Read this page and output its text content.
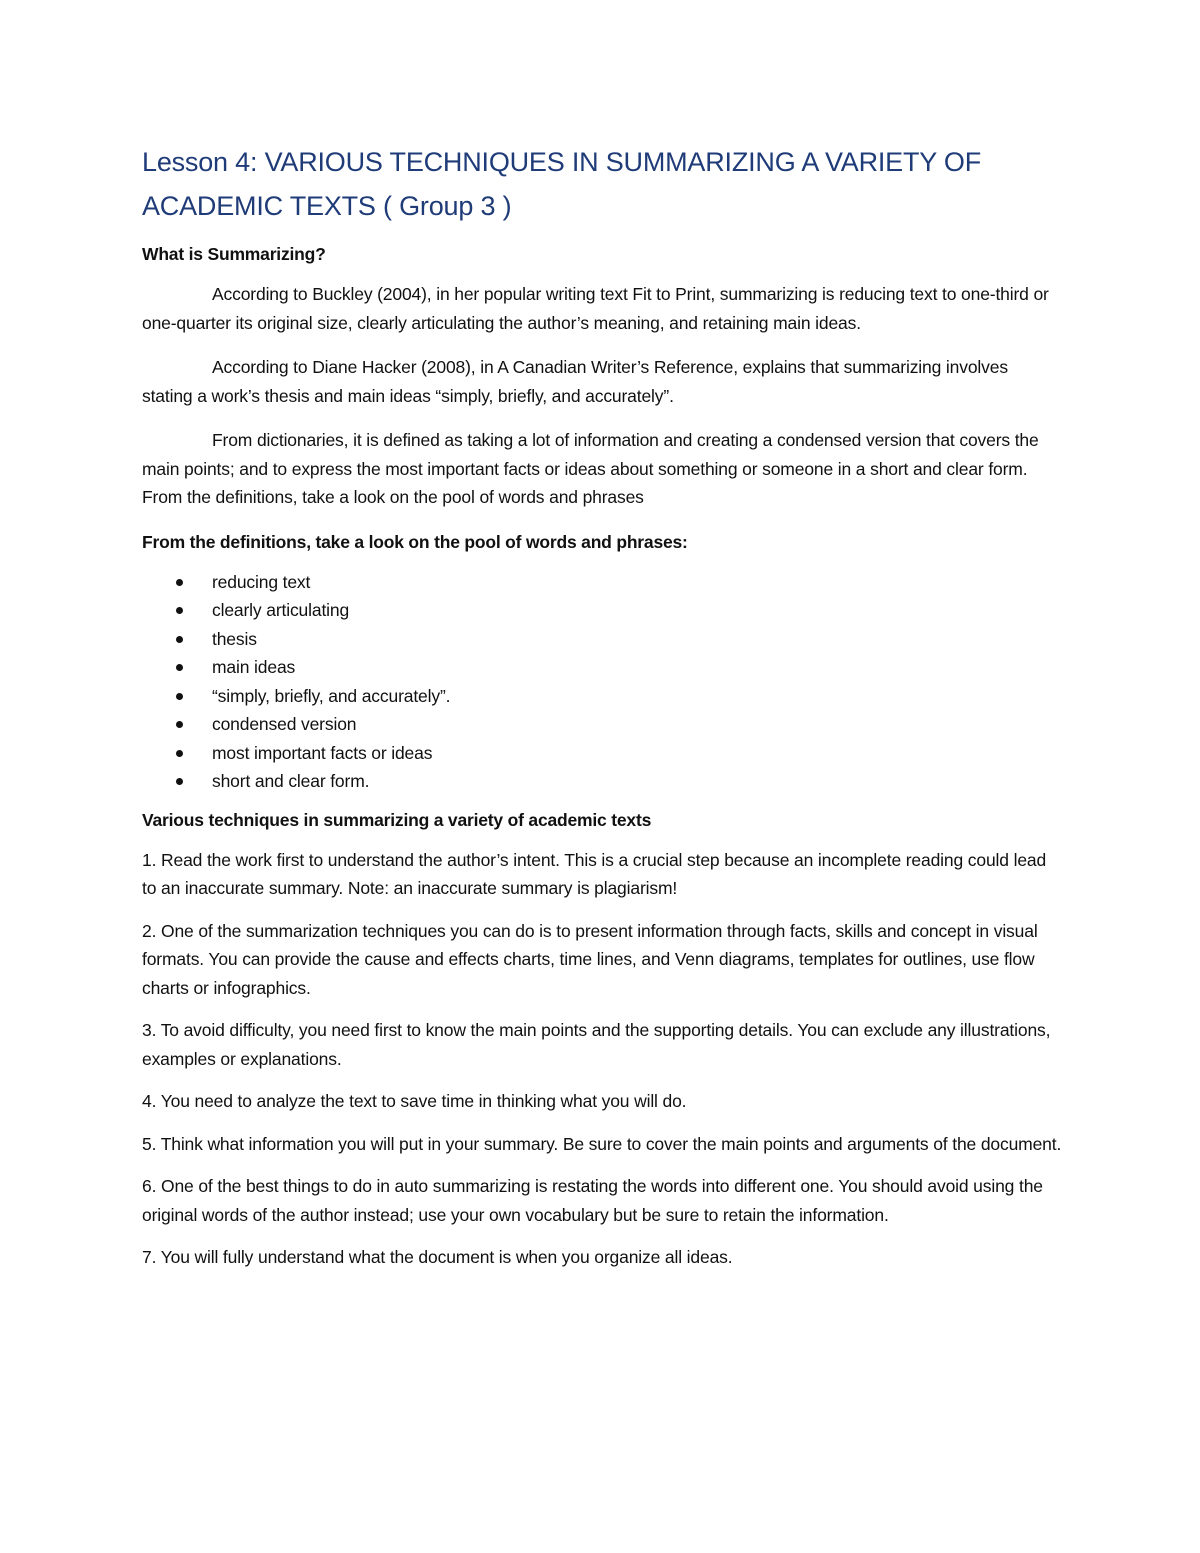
Lesson 4: VARIOUS TECHNIQUES IN SUMMARIZING A VARIETY OF ACADEMIC TEXTS ( Group 3 )
What is Summarizing?

According to Buckley (2004), in her popular writing text Fit to Print, summarizing is reducing text to one-third or one-quarter its original size, clearly articulating the author’s meaning, and retaining main ideas.

According to Diane Hacker (2008), in A Canadian Writer’s Reference, explains that summarizing involves stating a work’s thesis and main ideas “simply, briefly, and accurately”.

From dictionaries, it is defined as taking a lot of information and creating a condensed version that covers the main points; and to express the most important facts or ideas about something or someone in a short and clear form. From the definitions, take a look on the pool of words and phrases

From the definitions, take a look on the pool of words and phrases:
reducing text
clearly articulating
thesis
main ideas
“simply, briefly, and accurately”.
condensed version
most important facts or ideas
short and clear form.
Various techniques in summarizing a variety of academic texts

1. Read the work first to understand the author’s intent. This is a crucial step because an incomplete reading could lead to an inaccurate summary. Note: an inaccurate summary is plagiarism!

2. One of the summarization techniques you can do is to present information through facts, skills and concept in visual formats. You can provide the cause and effects charts, time lines, and Venn diagrams, templates for outlines, use flow charts or infographics.

3. To avoid difficulty, you need first to know the main points and the supporting details. You can exclude any illustrations, examples or explanations.

4. You need to analyze the text to save time in thinking what you will do.

5. Think what information you will put in your summary. Be sure to cover the main points and arguments of the document.

6. One of the best things to do in auto summarizing is restating the words into different one. You should avoid using the original words of the author instead; use your own vocabulary but be sure to retain the information.

7. You will fully understand what the document is when you organize all ideas.
